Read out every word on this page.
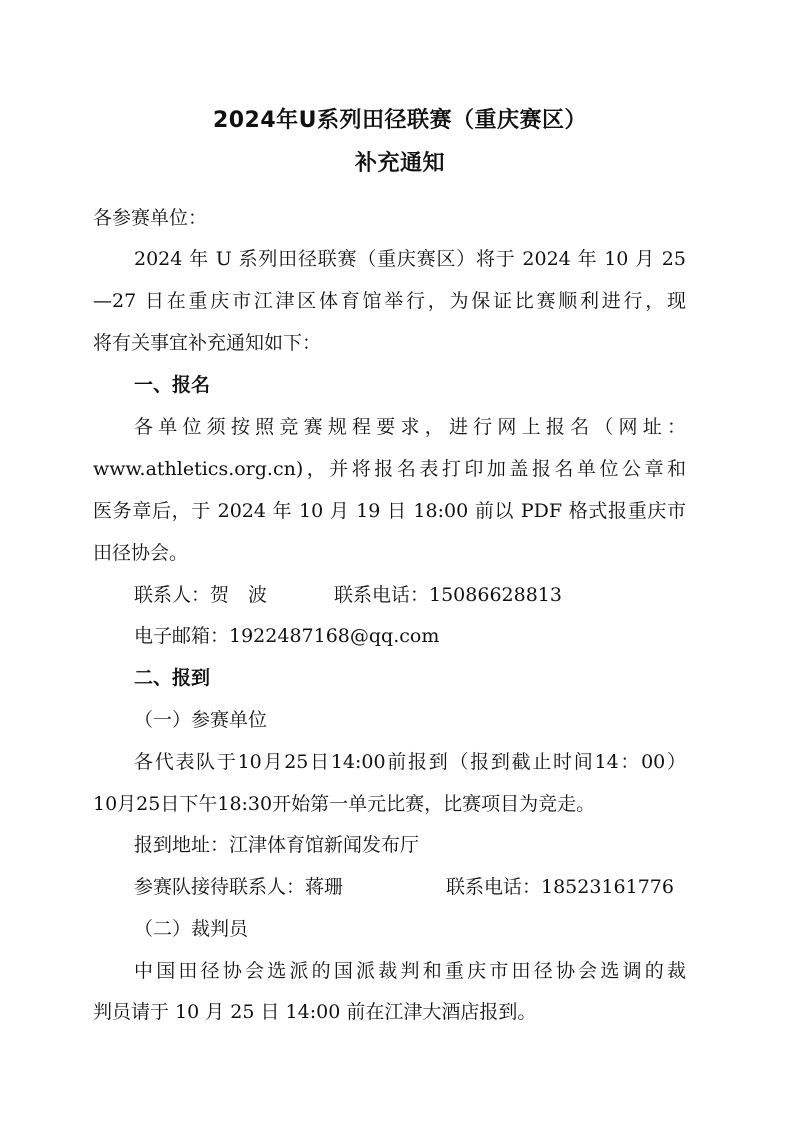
2024年U系列田径联赛（重庆赛区）
补充通知
各参赛单位：
2024 年 U 系列田径联赛（重庆赛区）将于 2024 年 10 月 25
—27 日在重庆市江津区体育馆举行，为保证比赛顺利进行，现
将有关事宜补充通知如下：
一、报名
各单位须按照竞赛规程要求，进行网上报名（网址：
www.athletics.org.cn)，并将报名表打印加盖报名单位公章和
医务章后，于 2024 年 10 月 19 日 18:00 前以 PDF 格式报重庆市
田径协会。
联系人：贺　波	联系电话：15086628813
电子邮箱：1922487168@qq.com
二、报到
（一）参赛单位
各代表队于10月25日14:00前报到（报到截止时间14：00）
10月25日下午18:30开始第一单元比赛，比赛项目为竞走。
报到地址：江津体育馆新闻发布厅
参赛队接待联系人：蒋珊	联系电话：18523161776
（二）裁判员
中国田径协会选派的国派裁判和重庆市田径协会选调的裁
判员请于 10 月 25 日 14:00 前在江津大酒店报到。
